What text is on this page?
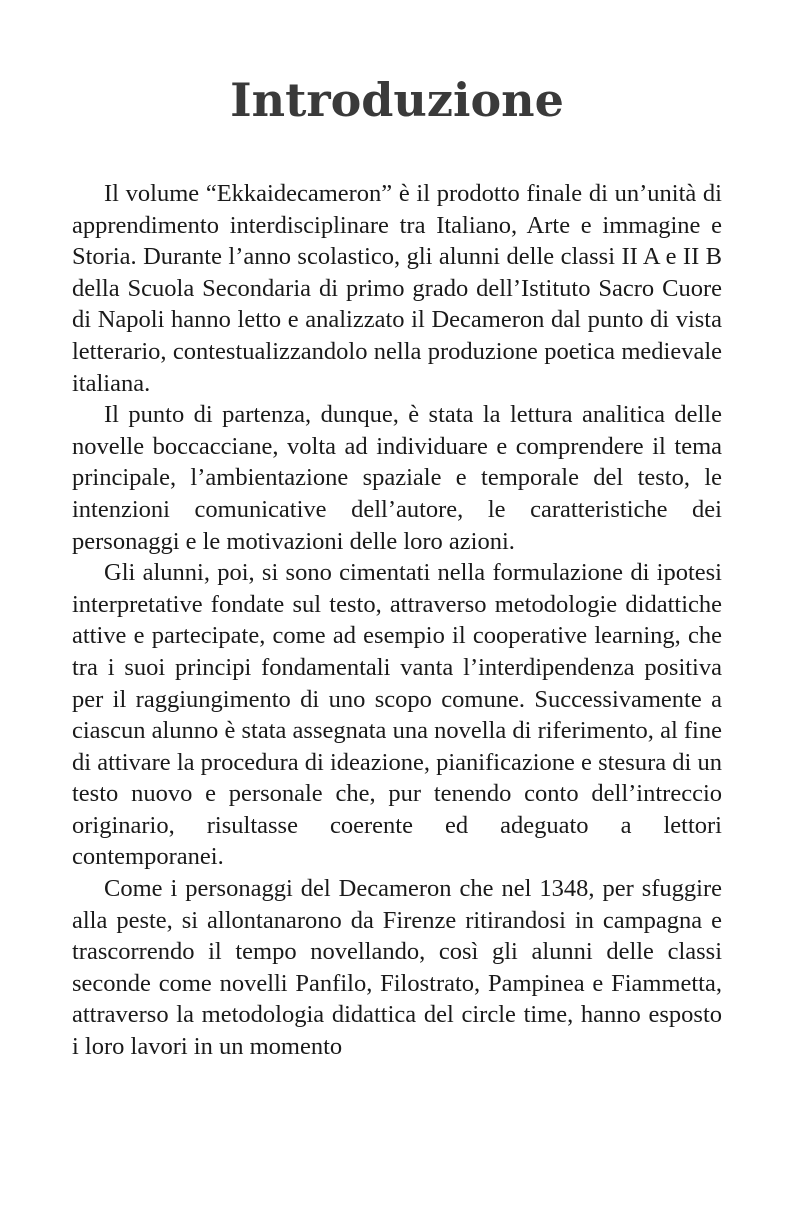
Introduzione

Il volume “Ekkaidecameron” è il prodotto finale di un’unità di apprendimento interdisciplinare tra Italiano, Arte e immagine e Storia. Durante l’anno scolastico, gli alunni delle classi II A e II B della Scuola Secondaria di primo grado dell’Istituto Sacro Cuore di Napoli hanno letto e analizzato il Decameron dal punto di vista letterario, contestualizzandolo nella produzione poetica medievale italiana.

Il punto di partenza, dunque, è stata la lettura analitica delle novelle boccacciane, volta ad individuare e comprendere il tema principale, l’ambientazione spaziale e temporale del testo, le intenzioni comunicative dell’autore, le caratteristiche dei personaggi e le motivazioni delle loro azioni.

Gli alunni, poi, si sono cimentati nella formulazione di ipotesi interpretative fondate sul testo, attraverso metodologie didattiche attive e partecipate, come ad esempio il cooperative learning, che tra i suoi principi fondamentali vanta l’interdipendenza positiva per il raggiungimento di uno scopo comune. Successivamente a ciascun alunno è stata assegnata una novella di riferimento, al fine di attivare la procedura di ideazione, pianificazione e stesura di un testo nuovo e personale che, pur tenendo conto dell’intreccio originario, risultasse coerente ed adeguato a lettori contemporanei.

Come i personaggi del Decameron che nel 1348, per sfuggire alla peste, si allontanarono da Firenze ritirandosi in campagna e trascorrendo il tempo novellando, così gli alunni delle classi seconde come novelli Panfilo, Filostrato, Pampinea e Fiammetta, attraverso la metodologia didattica del circle time, hanno esposto i loro lavori in un momento
